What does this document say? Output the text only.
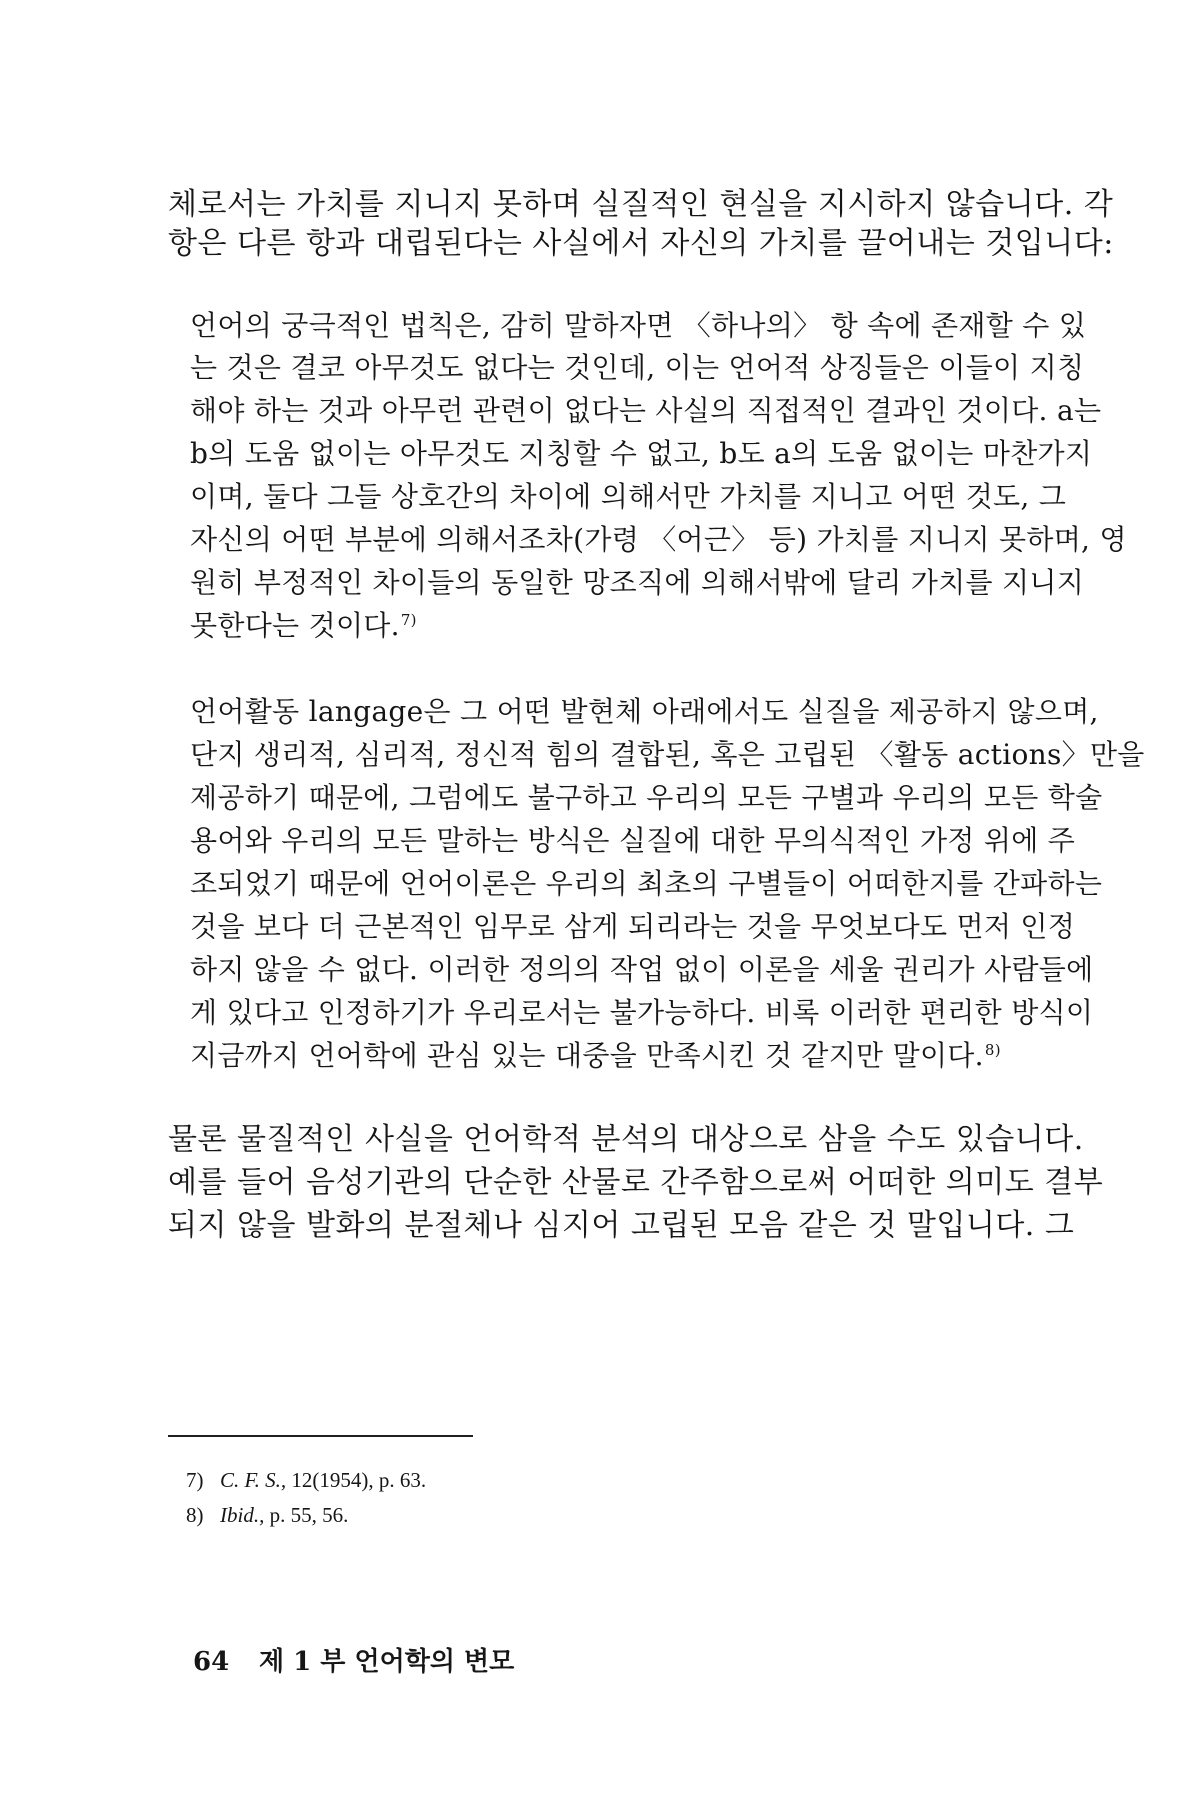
체로서는 가치를 지니지 못하며 실질적인 현실을 지시하지 않습니다. 각
항은 다른 항과 대립된다는 사실에서 자신의 가치를 끌어내는 것입니다:
언어의 궁극적인 법칙은, 감히 말하자면 〈하나의〉 항 속에 존재할 수 있
는 것은 결코 아무것도 없다는 것인데, 이는 언어적 상징들은 이들이 지칭
해야 하는 것과 아무런 관련이 없다는 사실의 직접적인 결과인 것이다. a는
b의 도움 없이는 아무것도 지칭할 수 없고, b도 a의 도움 없이는 마찬가지
이며, 둘다 그들 상호간의 차이에 의해서만 가치를 지니고 어떤 것도, 그
자신의 어떤 부분에 의해서조차(가령 〈어근〉 등) 가치를 지니지 못하며, 영
원히 부정적인 차이들의 동일한 망조직에 의해서밖에 달리 가치를 지니지
못한다는 것이다.$^{7)}$
언어활동 langage은 그 어떤 발현체 아래에서도 실질을 제공하지 않으며,
단지 생리적, 심리적, 정신적 힘의 결합된, 혹은 고립된 〈활동 actions〉만을
제공하기 때문에, 그럼에도 불구하고 우리의 모든 구별과 우리의 모든 학술
용어와 우리의 모든 말하는 방식은 실질에 대한 무의식적인 가정 위에 주
조되었기 때문에 언어이론은 우리의 최초의 구별들이 어떠한지를 간파하는
것을 보다 더 근본적인 임무로 삼게 되리라는 것을 무엇보다도 먼저 인정
하지 않을 수 없다. 이러한 정의의 작업 없이 이론을 세울 권리가 사람들에
게 있다고 인정하기가 우리로서는 불가능하다. 비록 이러한 편리한 방식이
지금까지 언어학에 관심 있는 대중을 만족시킨 것 같지만 말이다.$^{8)}$
물론 물질적인 사실을 언어학적 분석의 대상으로 삼을 수도 있습니다.
예를 들어 음성기관의 단순한 산물로 간주함으로써 어떠한 의미도 결부
되지 않을 발화의 분절체나 심지어 고립된 모음 같은 것 말입니다. 그
7) C. F. S., 12(1954), p. 63.
8) Ibid., p. 55, 56.
64 제 1 부 언어학의 변모
